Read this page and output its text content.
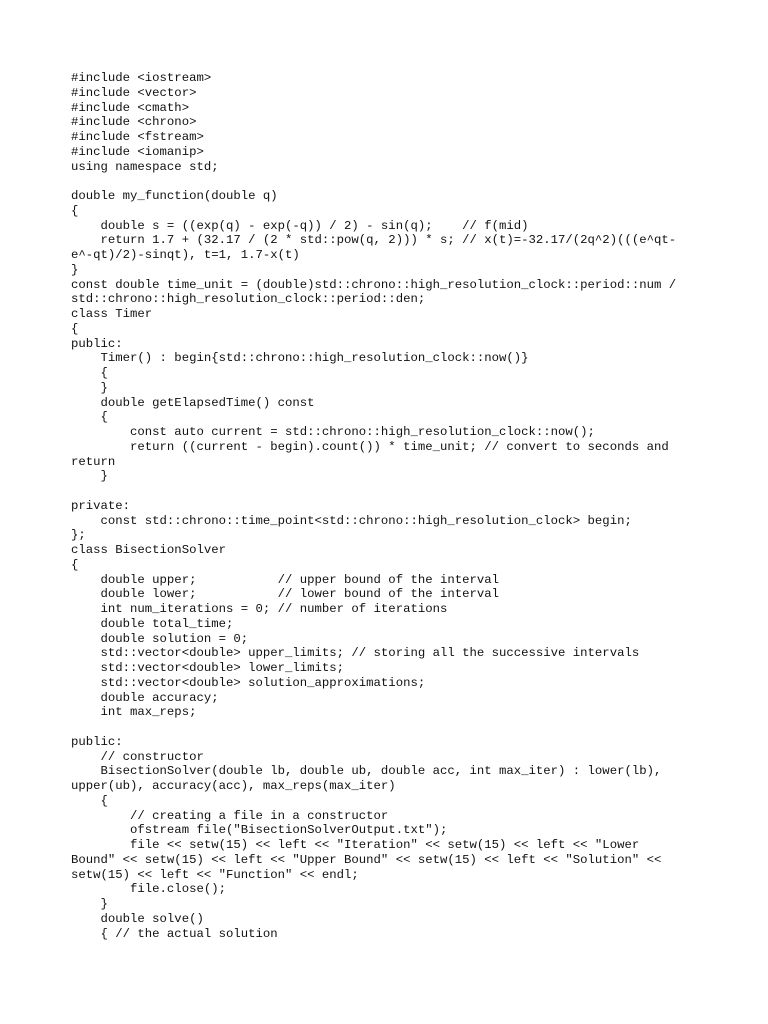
#include <iostream>
#include <vector>
#include <cmath>
#include <chrono>
#include <fstream>
#include <iomanip>
using namespace std;
double my_function(double q)
{
double s = ((exp(q) - exp(-q)) / 2) - sin(q);    // f(mid)
return 1.7 + (32.17 / (2 * std::pow(q, 2))) * s; // x(t)=-32.17/(2q^2)(((e^qt-
e^-qt)/2)-sinqt), t=1, 1.7-x(t)
}
const double time_unit = (double)std::chrono::high_resolution_clock::period::num /
std::chrono::high_resolution_clock::period::den;
class Timer
{
public:
Timer() : begin{std::chrono::high_resolution_clock::now()}
{
}
double getElapsedTime() const
{
const auto current = std::chrono::high_resolution_clock::now();
return ((current - begin).count()) * time_unit; // convert to seconds and
return
}
private:
const std::chrono::time_point<std::chrono::high_resolution_clock> begin;
};
class BisectionSolver
{
double upper;           // upper bound of the interval
double lower;           // lower bound of the interval
int num_iterations = 0; // number of iterations
double total_time;
double solution = 0;
std::vector<double> upper_limits; // storing all the successive intervals
std::vector<double> lower_limits;
std::vector<double> solution_approximations;
double accuracy;
int max_reps;
public:
// constructor
BisectionSolver(double lb, double ub, double acc, int max_iter) : lower(lb),
upper(ub), accuracy(acc), max_reps(max_iter)
{
// creating a file in a constructor
ofstream file("BisectionSolverOutput.txt");
file << setw(15) << left << "Iteration" << setw(15) << left << "Lower
Bound" << setw(15) << left << "Upper Bound" << setw(15) << left << "Solution" <<
setw(15) << left << "Function" << endl;
file.close();
}
double solve()
{ // the actual solution
